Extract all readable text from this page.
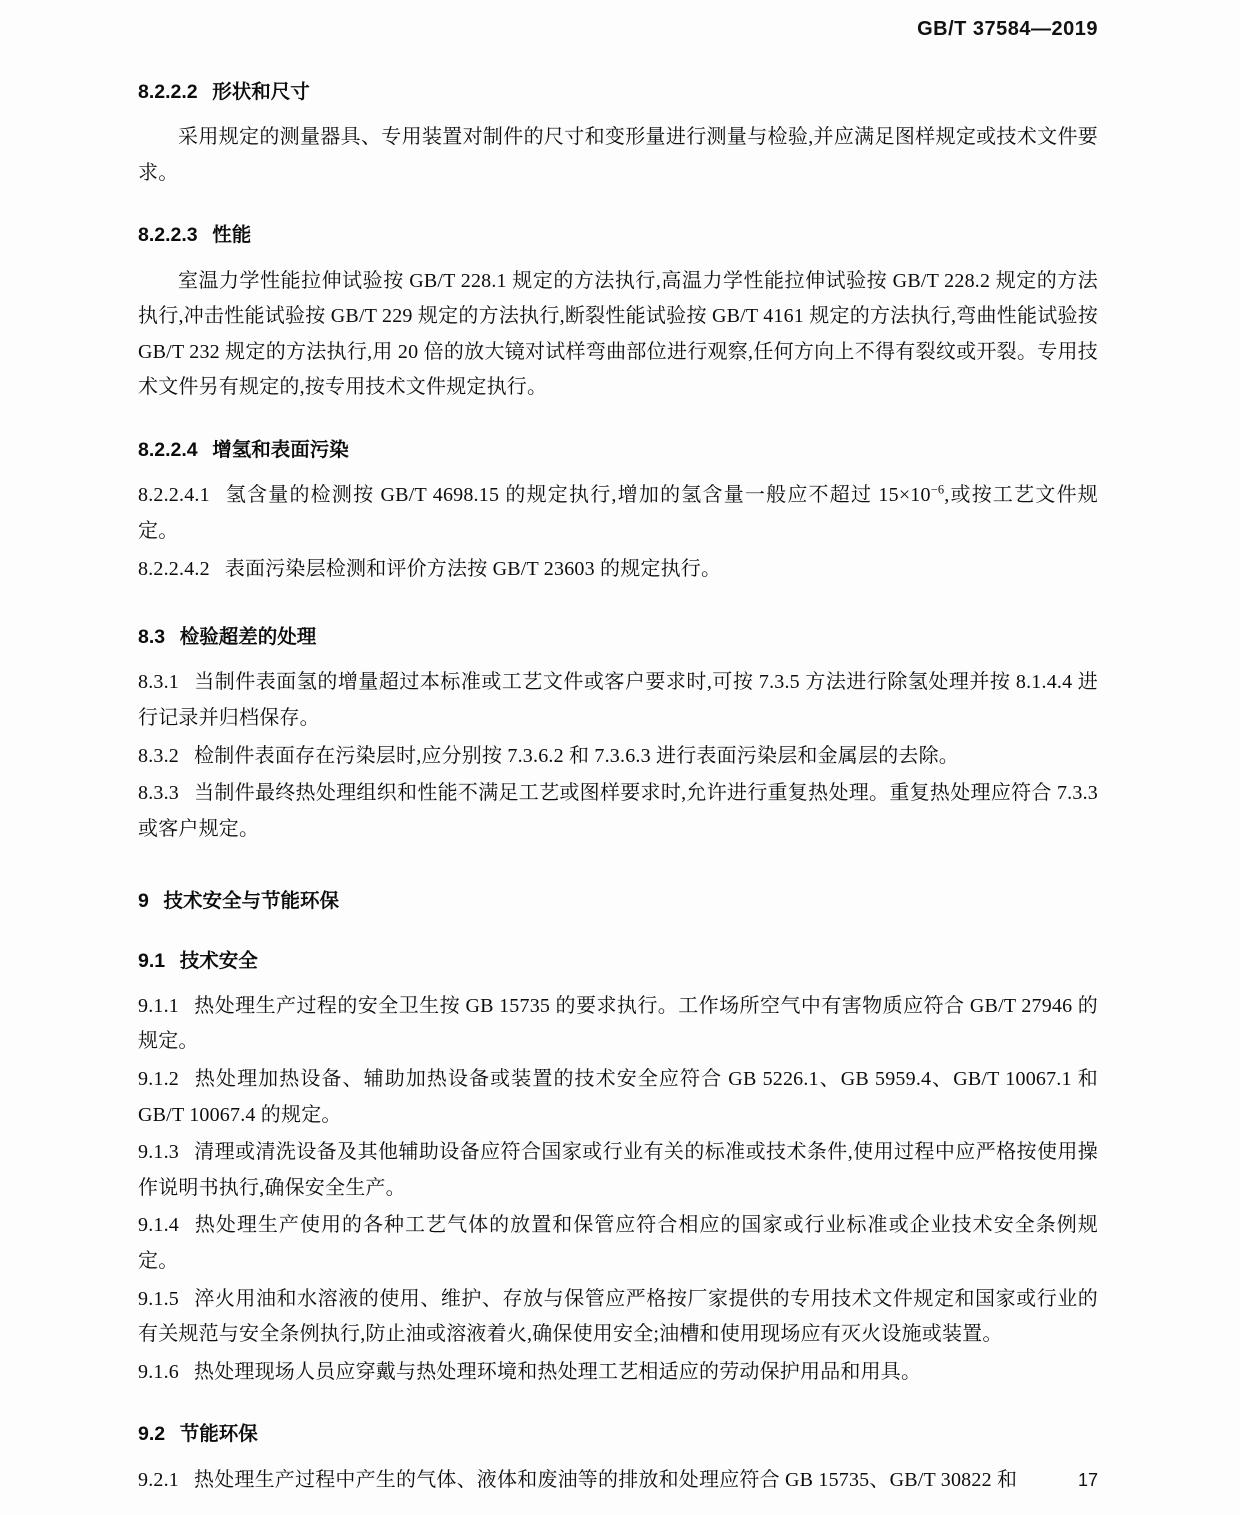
GB/T 37584—2019
8.2.2.2 形状和尺寸

采用规定的测量器具、专用装置对制件的尺寸和变形量进行测量与检验,并应满足图样规定或技术文件要求。

8.2.2.3 性能

室温力学性能拉伸试验按 GB/T 228.1 规定的方法执行,高温力学性能拉伸试验按 GB/T 228.2 规定的方法执行,冲击性能试验按 GB/T 229 规定的方法执行,断裂性能试验按 GB/T 4161 规定的方法执行,弯曲性能试验按 GB/T 232 规定的方法执行,用 20 倍的放大镜对试样弯曲部位进行观察,任何方向上不得有裂纹或开裂。专用技术文件另有规定的,按专用技术文件规定执行。

8.2.2.4 增氢和表面污染

8.2.2.4.1 氢含量的检测按 GB/T 4698.15 的规定执行,增加的氢含量一般应不超过 $15\times 10^{-6}$,或按工艺文件规定。

8.2.2.4.2 表面污染层检测和评价方法按 GB/T 23603 的规定执行。

8.3 检验超差的处理

8.3.1 当制件表面氢的增量超过本标准或工艺文件或客户要求时,可按 7.3.5 方法进行除氢处理并按 8.1.4.4 进行记录并归档保存。

8.3.2 检制件表面存在污染层时,应分别按 7.3.6.2 和 7.3.6.3 进行表面污染层和金属层的去除。

8.3.3 当制件最终热处理组织和性能不满足工艺或图样要求时,允许进行重复热处理。重复热处理应符合 7.3.3 或客户规定。

9 技术安全与节能环保
9.1 技术安全

9.1.1 热处理生产过程的安全卫生按 GB 15735 的要求执行。工作场所空气中有害物质应符合 GB/T 27946 的规定。

9.1.2 热处理加热设备、辅助加热设备或装置的技术安全应符合 GB 5226.1、GB 5959.4、GB/T 10067.1 和 GB/T 10067.4 的规定。

9.1.3 清理或清洗设备及其他辅助设备应符合国家或行业有关的标准或技术条件,使用过程中应严格按使用操作说明书执行,确保安全生产。

9.1.4 热处理生产使用的各种工艺气体的放置和保管应符合相应的国家或行业标准或企业技术安全条例规定。

9.1.5 淬火用油和水溶液的使用、维护、存放与保管应严格按厂家提供的专用技术文件规定和国家或行业的有关规范与安全条例执行,防止油或溶液着火,确保使用安全;油槽和使用现场应有灭火设施或装置。

9.1.6 热处理现场人员应穿戴与热处理环境和热处理工艺相适应的劳动保护用品和用具。

9.2 节能环保

9.2.1 热处理生产过程中产生的气体、液体和废油等的排放和处理应符合 GB 15735、GB/T 30822 和	17
